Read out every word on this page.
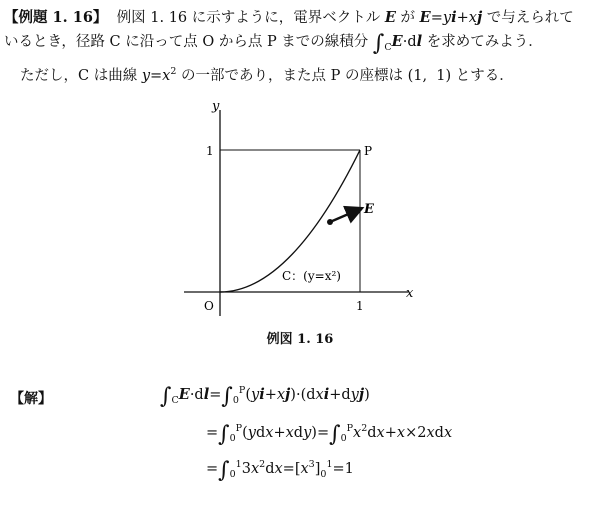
【例題 1. 16】 例図 1. 16 に示すように，電界ベクトル E が E=yi+xj で与えられて
いるとき，径路 C に沿って点 O から点 P までの線積分 $\int_CE\cdot dl$ を求めてみよう．
ただし，C は曲線 $y=x^2$ の一部であり，また点 P の座標は (1,  1) とする．
E
y
x
O	1
1	P
C：(y=x²)
例図 1. 16
【解】	$\int_CE\cdot dl=\int_0^P(yi+xj)\cdot(dxi+dyj)$
$=\int_0^P(ydx+xdy)=\int_0^Px^2dx+x\times 2xdx$
$=\int_0^13x^2dx=[x^3]_0^1=1$
